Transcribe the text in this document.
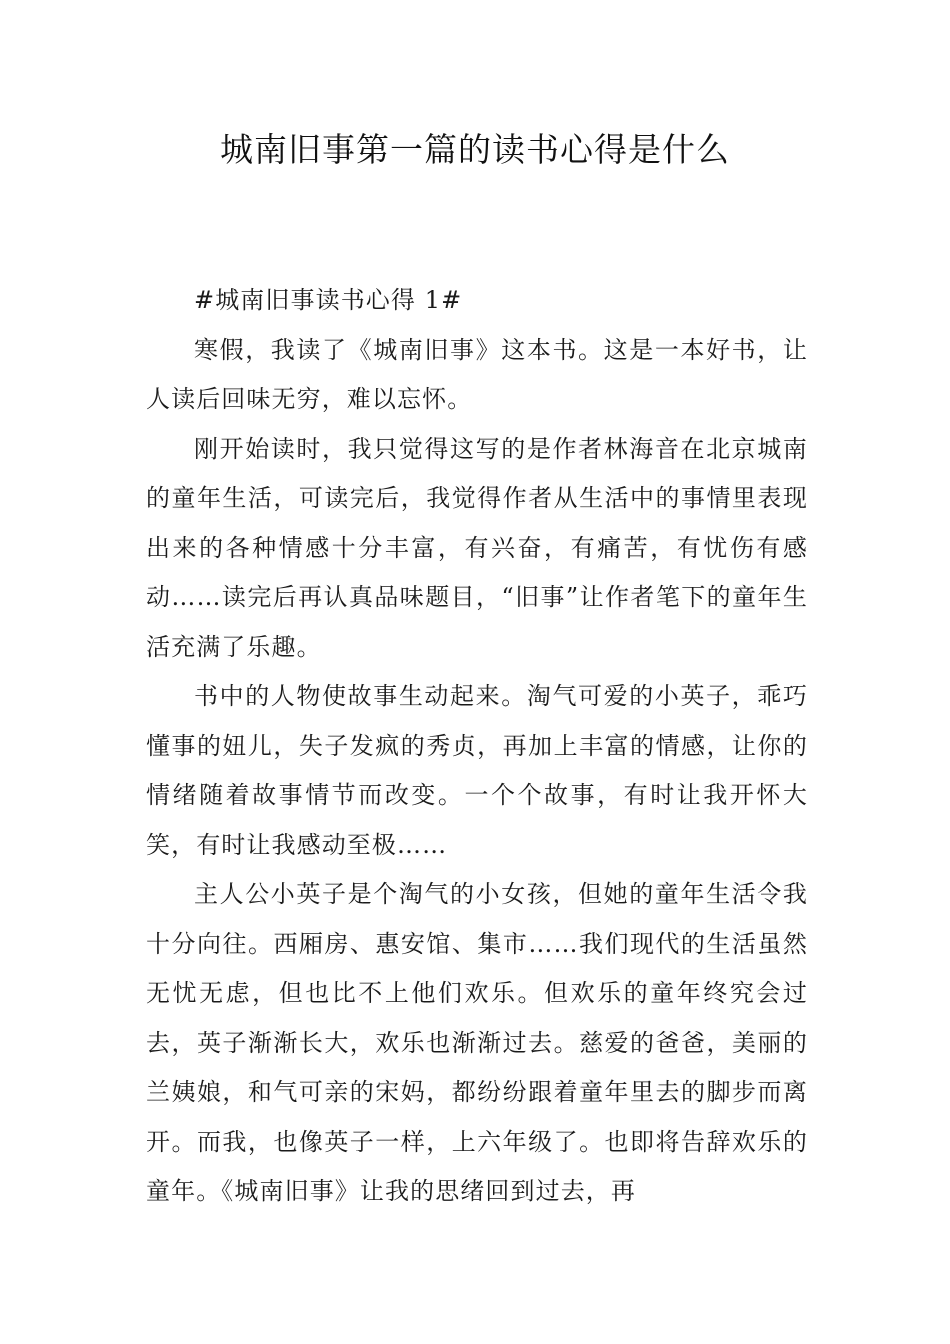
城南旧事第一篇的读书心得是什么

#城南旧事读书心得 1#

寒假，我读了《城南旧事》这本书。这是一本好书，让人读后回味无穷，难以忘怀。

刚开始读时，我只觉得这写的是作者林海音在北京城南的童年生活，可读完后，我觉得作者从生活中的事情里表现出来的各种情感十分丰富，有兴奋，有痛苦，有忧伤有感动……读完后再认真品味题目，“旧事”让作者笔下的童年生活充满了乐趣。

书中的人物使故事生动起来。淘气可爱的小英子，乖巧懂事的妞儿，失子发疯的秀贞，再加上丰富的情感，让你的情绪随着故事情节而改变。一个个故事，有时让我开怀大笑，有时让我感动至极……

主人公小英子是个淘气的小女孩，但她的童年生活令我十分向往。西厢房、惠安馆、集市……我们现代的生活虽然无忧无虑，但也比不上他们欢乐。但欢乐的童年终究会过去，英子渐渐长大，欢乐也渐渐过去。慈爱的爸爸，美丽的兰姨娘，和气可亲的宋妈，都纷纷跟着童年里去的脚步而离开。而我，也像英子一样，上六年级了。也即将告辞欢乐的童年。《城南旧事》让我的思绪回到过去，再
